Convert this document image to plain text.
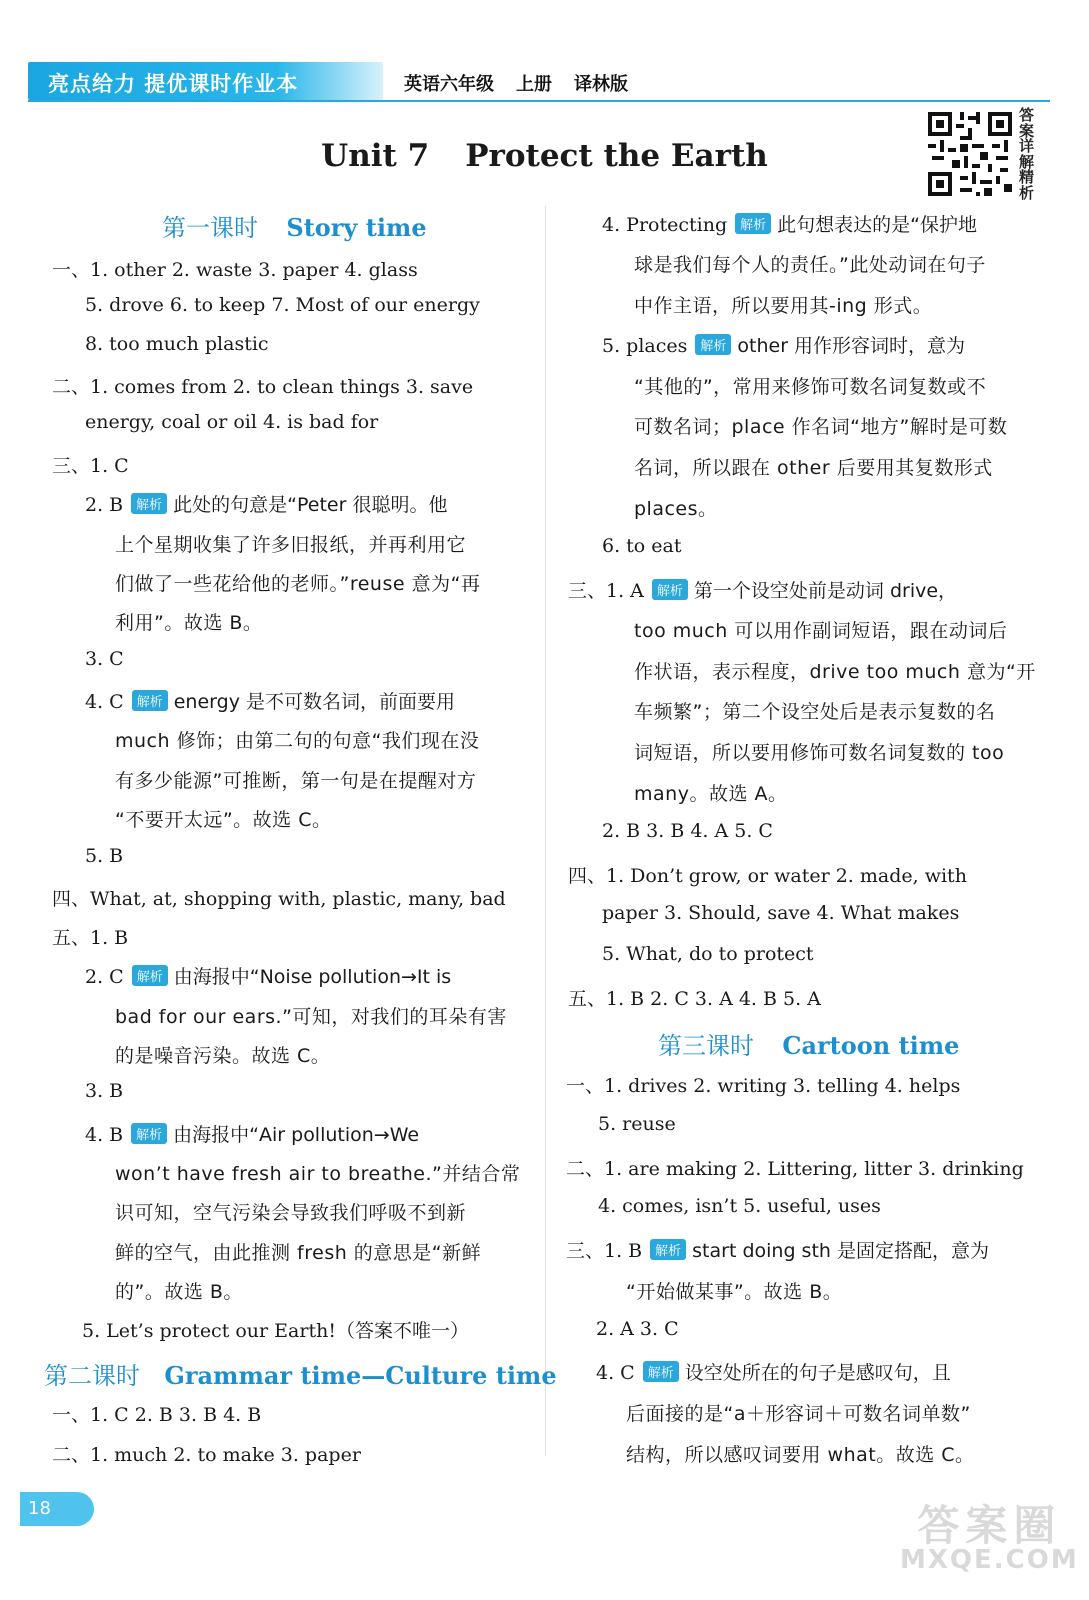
亮点给力 提优课时作业本	英语六年级 上册 译林版
Unit 7 Protect the Earth
答案详解精析
第一课时 Story time
一、1. other 2. waste 3. paper 4. glass
5. drove 6. to keep 7. Most of our energy
8. too much plastic
二、1. comes from 2. to clean things 3. save
energy, coal or oil 4. is bad for
三、1. C
2. B 解析 此处的句意是“Peter 很聪明。他
上个星期收集了许多旧报纸，并再利用它
们做了一些花给他的老师。”reuse 意为“再
利用”。故选 B。
3. C
4. C 解析 energy 是不可数名词，前面要用
much 修饰；由第二句的句意“我们现在没
有多少能源”可推断，第一句是在提醒对方
“不要开太远”。故选 C。
5. B
四、What, at, shopping with, plastic, many, bad
五、1. B
2. C 解析 由海报中“Noise pollution→It is
bad for our ears.”可知，对我们的耳朵有害
的是噪音污染。故选 C。
3. B
4. B 解析 由海报中“Air pollution→We
won’t have fresh air to breathe.”并结合常
识可知，空气污染会导致我们呼吸不到新
鲜的空气，由此推测 fresh 的意思是“新鲜
的”。故选 B。
5. Let’s protect our Earth!（答案不唯一）
第二课时 Grammar time—Culture time
一、1. C 2. B 3. B 4. B
二、1. much 2. to make 3. paper
4. Protecting 解析 此句想表达的是“保护地
球是我们每个人的责任。”此处动词在句子
中作主语，所以要用其-ing 形式。
5. places 解析 other 用作形容词时，意为
“其他的”，常用来修饰可数名词复数或不
可数名词；place 作名词“地方”解时是可数
名词，所以跟在 other 后要用其复数形式
places。
6. to eat
三、1. A 解析 第一个设空处前是动词 drive，
too much 可以用作副词短语，跟在动词后
作状语，表示程度，drive too much 意为“开
车频繁”；第二个设空处后是表示复数的名
词短语，所以要用修饰可数名词复数的 too
many。故选 A。
2. B 3. B 4. A 5. C
四、1. Don’t grow, or water 2. made, with
paper 3. Should, save 4. What makes
5. What, do to protect
五、1. B 2. C 3. A 4. B 5. A
第三课时 Cartoon time
一、1. drives 2. writing 3. telling 4. helps
5. reuse
二、1. are making 2. Littering, litter 3. drinking
4. comes, isn’t 5. useful, uses
三、1. B 解析 start doing sth 是固定搭配，意为
“开始做某事”。故选 B。
2. A 3. C
4. C 解析 设空处所在的句子是感叹句，且
后面接的是“a＋形容词＋可数名词单数”
结构，所以感叹词要用 what。故选 C。
18	答案圈
MXQE.COM
